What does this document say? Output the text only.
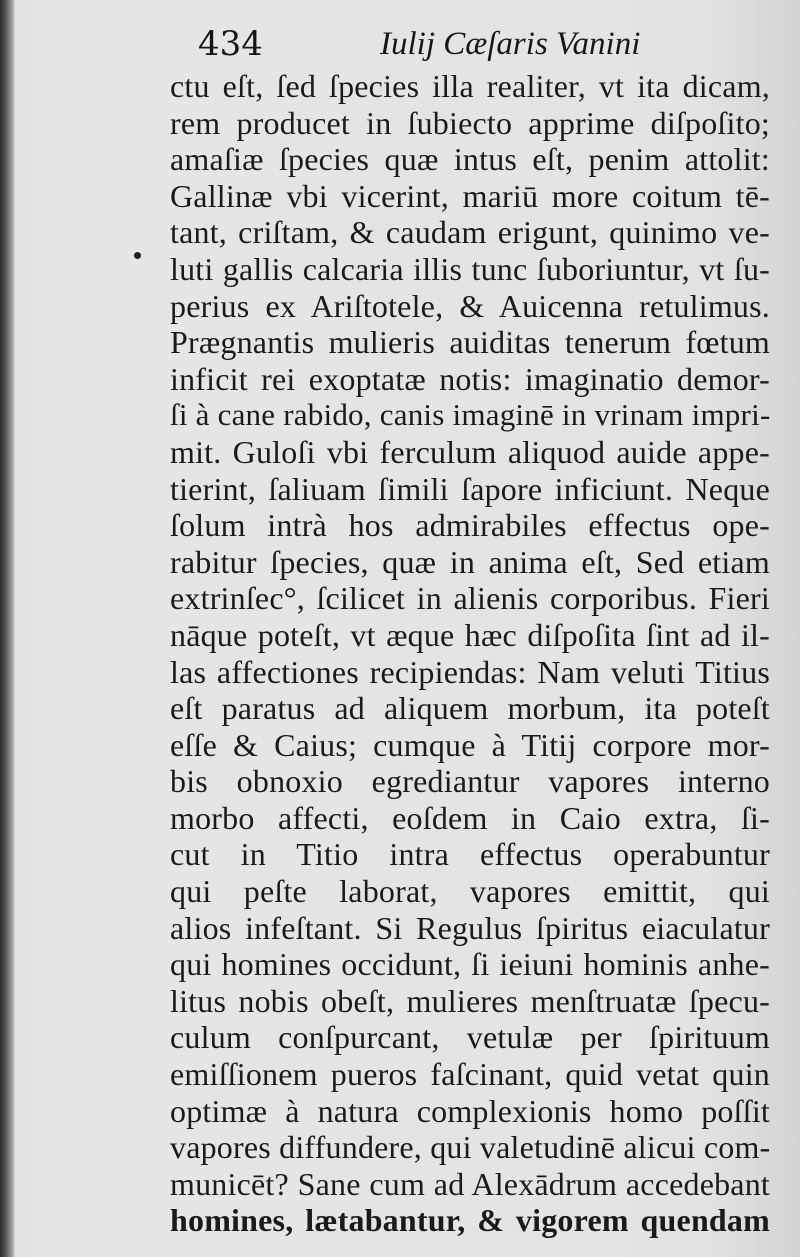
434	Iulij Cæſaris Vanini
ctu eſt, ſed ſpecies illa realiter, vt ita dicam,
rem producet in ſubiecto apprime diſpoſito;
amaſiæ ſpecies quæ intus eſt, penim attolit:
Gallinæ vbi vicerint, mariū more coitum tē-
tant, criſtam, & caudam erigunt, quinimo ve-
luti gallis calcaria illis tunc ſuboriuntur, vt ſu-
perius ex Ariſtotele, & Auicenna retulimus.
Prægnantis mulieris auiditas tenerum fœtum
inficit rei exoptatæ notis: imaginatio demor-
ſi à cane rabido, canis imaginē in vrinam impri-
mit. Guloſi vbi ferculum aliquod auide appe-
tierint, ſaliuam ſimili ſapore inficiunt. Neque
ſolum intrà hos admirabiles effectus ope-
rabitur ſpecies, quæ in anima eſt, Sed etiam
extrinſec°, ſcilicet in alienis corporibus. Fieri
nāque poteſt, vt æque hæc diſpoſita ſint ad il-
las affectiones recipiendas: Nam veluti Titius
eſt paratus ad aliquem morbum, ita poteſt
eſſe & Caius; cumque à Titij corpore mor-
bis obnoxio egrediantur vapores interno
morbo affecti, eoſdem in Caio extra, ſi-
cut in Titio intra effectus operabuntur
qui peſte laborat, vapores emittit, qui
alios infeſtant. Si Regulus ſpiritus eiaculatur
qui homines occidunt, ſi ieiuni hominis anhe-
litus nobis obeſt, mulieres menſtruatæ ſpecu-
culum conſpurcant, vetulæ per ſpirituum
emiſſionem pueros faſcinant, quid vetat quin
optimæ à natura complexionis homo poſſit
vapores diffundere, qui valetudinē alicui com-
municēt? Sane cum ad Alexādrum accedebant
homines, lætabantur, & vigorem quendam
